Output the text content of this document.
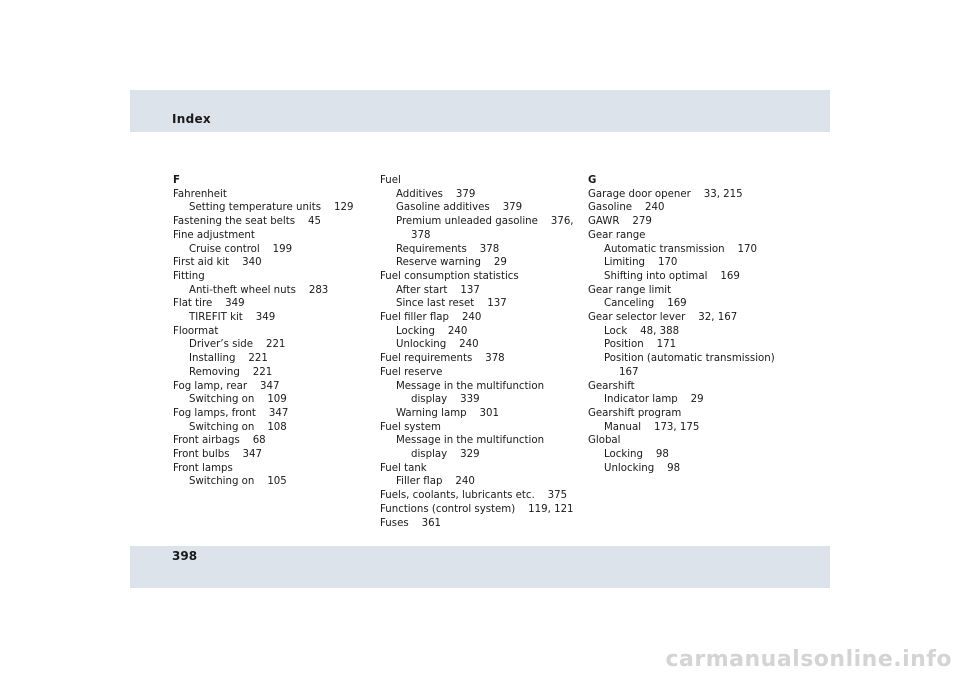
Index
F
Fahrenheit
Setting temperature units    129
Fastening the seat belts    45
Fine adjustment
Cruise control    199
First aid kit    340
Fitting
Anti-theft wheel nuts    283
Flat tire    349
TIREFIT kit    349
Floormat
Driver’s side    221
Installing    221
Removing    221
Fog lamp, rear    347
Switching on    109
Fog lamps, front    347
Switching on    108
Front airbags    68
Front bulbs    347
Front lamps
Switching on    105
Fuel
Additives    379
Gasoline additives    379
Premium unleaded gasoline    376, 378
Requirements    378
Reserve warning    29
Fuel consumption statistics
After start    137
Since last reset    137
Fuel filler flap    240
Locking    240
Unlocking    240
Fuel requirements    378
Fuel reserve
Message in the multifunction display    339
Warning lamp    301
Fuel system
Message in the multifunction display    329
Fuel tank
Filler flap    240
Fuels, coolants, lubricants etc.    375
Functions (control system)    119, 121
Fuses    361
G
Garage door opener    33, 215
Gasoline    240
GAWR    279
Gear range
Automatic transmission    170
Limiting    170
Shifting into optimal    169
Gear range limit
Canceling    169
Gear selector lever    32, 167
Lock    48, 388
Position    171
Position (automatic transmission)    167
Gearshift
Indicator lamp    29
Gearshift program
Manual    173, 175
Global
Locking    98
Unlocking    98
398
carmanualsonline.info
